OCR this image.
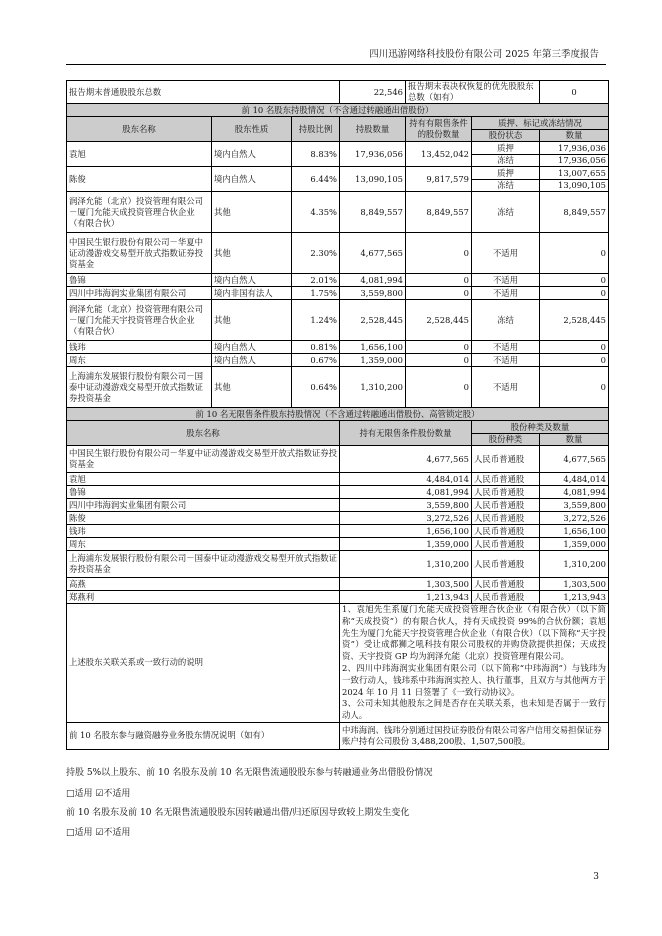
四川迅游网络科技股份有限公司 2025 年第三季度报告
报告期末普通股股东总数			22,546	报告期末表决权恢复的优先股股东总数（如有）		0
前 10 名股东持股情况（不含通过转融通出借股份）						
股东名称	股东性质	持股比例	持股数量	持有有限售条件的股份数量	质押、标记或冻结情况	
					股份状态	数量
袁旭	境内自然人	8.83%	17,936,056	13,452,042	质押	17,936,036
					冻结	17,936,056
陈俊	境内自然人	6.44%	13,090,105	9,817,579	质押	13,007,655
					冻结	13,090,105
润泽允能（北京）投资管理有限公司－厦门允能天成投资管理合伙企业（有限合伙）	其他	4.35%	8,849,557	8,849,557	冻结	8,849,557
中国民生银行股份有限公司－华夏中证动漫游戏交易型开放式指数证券投资基金	其他	2.30%	4,677,565	0	不适用	0
鲁锦	境内自然人	2.01%	4,081,994	0	不适用	0
四川中玮海润实业集团有限公司	境内非国有法人	1.75%	3,559,800	0	不适用	0
润泽允能（北京）投资管理有限公司－厦门允能天宇投资管理合伙企业（有限合伙）	其他	1.24%	2,528,445	2,528,445	冻结	2,528,445
钱玮	境内自然人	0.81%	1,656,100	0	不适用	0
周东	境内自然人	0.67%	1,359,000	0	不适用	0
上海浦东发展银行股份有限公司－国泰中证动漫游戏交易型开放式指数证券投资基金	其他	0.64%	1,310,200	0	不适用	0
前 10 名无限售条件股东持股情况（不含通过转融通出借股份、高管锁定股）						
股东名称			持有无限售条件股份数量		股份种类及数量	
					股份种类	数量
中国民生银行股份有限公司－华夏中证动漫游戏交易型开放式指数证券投资基金			4,677,565		人民币普通股	4,677,565
袁旭			4,484,014		人民币普通股	4,484,014
鲁锦			4,081,994		人民币普通股	4,081,994
四川中玮海润实业集团有限公司			3,559,800		人民币普通股	3,559,800
陈俊			3,272,526		人民币普通股	3,272,526
钱玮			1,656,100		人民币普通股	1,656,100
周东			1,359,000		人民币普通股	1,359,000
上海浦东发展银行股份有限公司－国泰中证动漫游戏交易型开放式指数证券投资基金			1,310,200		人民币普通股	1,310,200
高燕			1,303,500		人民币普通股	1,303,500
郑燕利			1,213,943		人民币普通股	1,213,943
上述股东关联关系或一致行动的说明			1、袁旭先生系厦门允能天成投资管理合伙企业（有限合伙）（以下简称“天成投资”）的有限合伙人，持有天成投资 99%的合伙份额；袁旭先生为厦门允能天宇投资管理合伙企业（有限合伙）（以下简称“天宇投资”）受让成都狮之吼科技有限公司股权的并购贷款提供担保；天成投资、天宇投资 GP 均为润泽允能（北京）投资管理有限公司。
2、四川中玮海润实业集团有限公司（以下简称“中玮海润”）与钱玮为一致行动人，钱玮系中玮海润实控人、执行董事，且双方与其他两方于 2024 年 10 月 11 日签署了《一致行动协议》。
3、公司未知其他股东之间是否存在关联关系，也未知是否属于一致行动人。			
前 10 名股东参与融资融券业务股东情况说明（如有）			中玮海润、钱玮分别通过国投证券股份有限公司客户信用交易担保证券账户持有公司股份 3,488,200股、1,507,500股。			
持股 5%以上股东、前 10 名股东及前 10 名无限售流通股股东参与转融通业务出借股份情况
□适用 ☑不适用
前 10 名股东及前 10 名无限售流通股股东因转融通出借/归还原因导致较上期发生变化
□适用 ☑不适用
3
